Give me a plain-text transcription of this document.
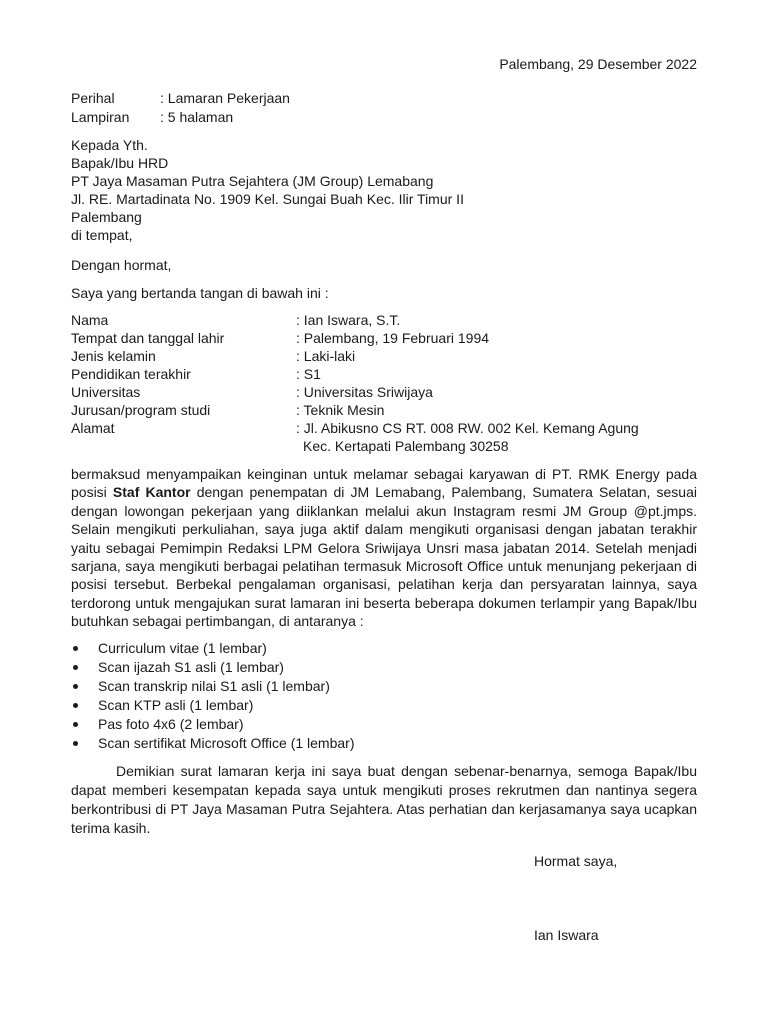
Palembang, 29 Desember 2022
Perihal	: Lamaran Pekerjaan
Lampiran	: 5 halaman
Kepada Yth.
Bapak/Ibu HRD
PT Jaya Masaman Putra Sejahtera (JM Group) Lemabang
Jl. RE. Martadinata No. 1909 Kel. Sungai Buah Kec. Ilir Timur II
Palembang
di tempat,
Dengan hormat,
Saya yang bertanda tangan di bawah ini :
Nama	: Ian Iswara, S.T.
Tempat dan tanggal lahir	: Palembang, 19 Februari 1994
Jenis kelamin	: Laki-laki
Pendidikan terakhir	: S1
Universitas	: Universitas Sriwijaya
Jurusan/program studi	: Teknik Mesin
Alamat	: Jl. Abikusno CS RT. 008 RW. 002 Kel. Kemang Agung
Kec. Kertapati Palembang 30258
bermaksud menyampaikan keinginan untuk melamar sebagai karyawan di PT. RMK Energy pada posisi Staf Kantor dengan penempatan di JM Lemabang, Palembang, Sumatera Selatan, sesuai dengan lowongan pekerjaan yang diiklankan melalui akun Instagram resmi JM Group @pt.jmps. Selain mengikuti perkuliahan, saya juga aktif dalam mengikuti organisasi dengan jabatan terakhir yaitu sebagai Pemimpin Redaksi LPM Gelora Sriwijaya Unsri masa jabatan 2014. Setelah menjadi sarjana, saya mengikuti berbagai pelatihan termasuk Microsoft Office untuk menunjang pekerjaan di posisi tersebut. Berbekal pengalaman organisasi, pelatihan kerja dan persyaratan lainnya, saya terdorong untuk mengajukan surat lamaran ini beserta beberapa dokumen terlampir yang Bapak/Ibu butuhkan sebagai pertimbangan, di antaranya :
Curriculum vitae (1 lembar)
Scan ijazah S1 asli (1 lembar)
Scan transkrip nilai S1 asli (1 lembar)
Scan KTP asli (1 lembar)
Pas foto 4x6 (2 lembar)
Scan sertifikat Microsoft Office (1 lembar)
Demikian surat lamaran kerja ini saya buat dengan sebenar-benarnya, semoga Bapak/Ibu dapat memberi kesempatan kepada saya untuk mengikuti proses rekrutmen dan nantinya segera berkontribusi di PT Jaya Masaman Putra Sejahtera. Atas perhatian dan kerjasamanya saya ucapkan terima kasih.
Hormat saya,
Ian Iswara
